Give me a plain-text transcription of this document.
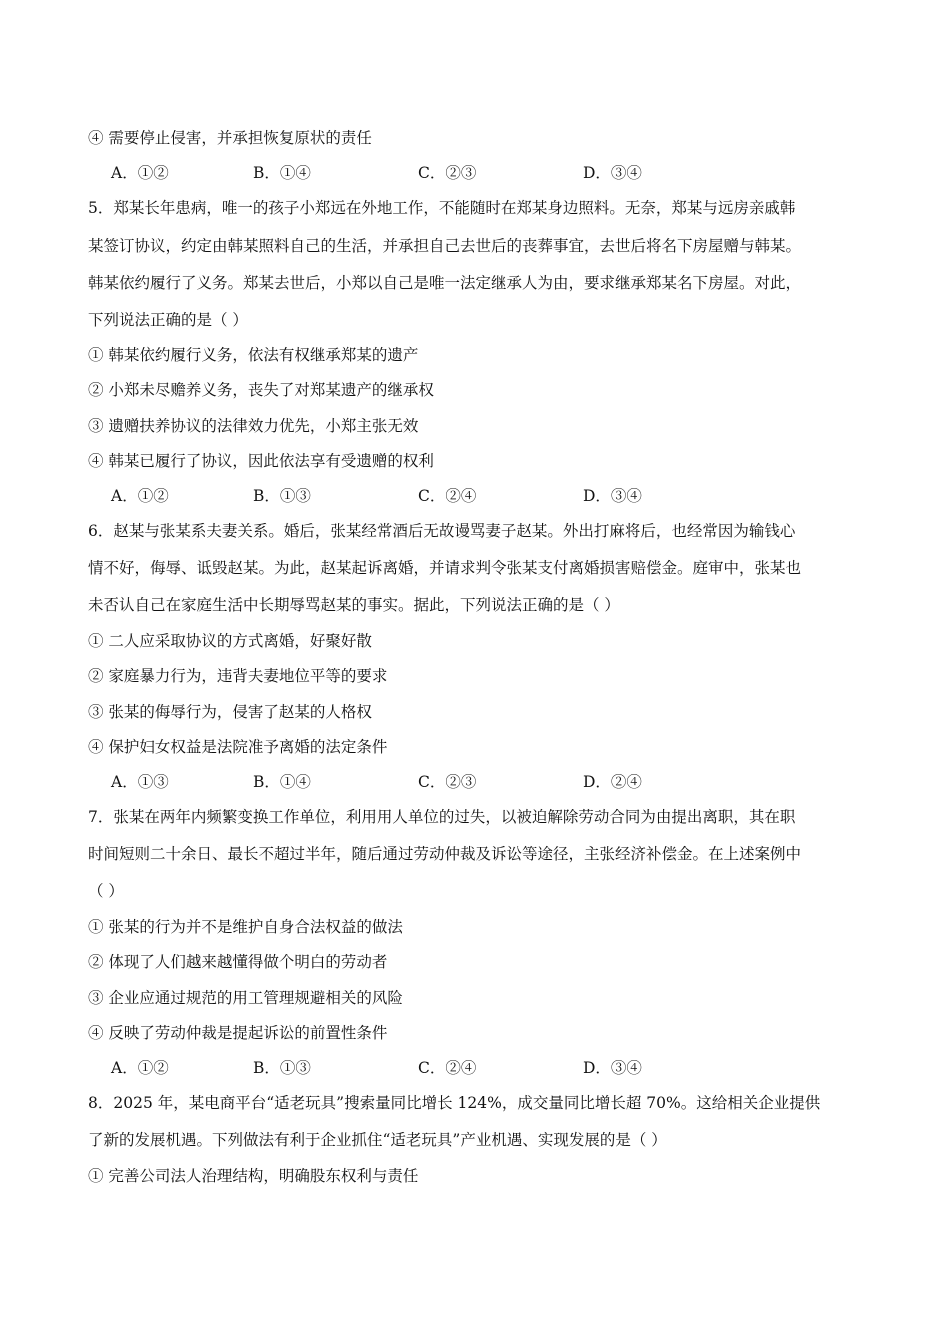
④ 需要停止侵害，并承担恢复原状的责任
A．①②	B．①④	C．②③	D．③④
5．郑某长年患病，唯一的孩子小郑远在外地工作，不能随时在郑某身边照料。无奈，郑某与远房亲戚韩
某签订协议，约定由韩某照料自己的生活，并承担自己去世后的丧葬事宜，去世后将名下房屋赠与韩某。
韩某依约履行了义务。郑某去世后，小郑以自己是唯一法定继承人为由，要求继承郑某名下房屋。对此，
下列说法正确的是（ ）
① 韩某依约履行义务，依法有权继承郑某的遗产
② 小郑未尽赡养义务，丧失了对郑某遗产的继承权
③ 遗赠扶养协议的法律效力优先，小郑主张无效
④ 韩某已履行了协议，因此依法享有受遗赠的权利
A．①②	B．①③	C．②④	D．③④
6．赵某与张某系夫妻关系。婚后，张某经常酒后无故谩骂妻子赵某。外出打麻将后，也经常因为输钱心
情不好，侮辱、诋毁赵某。为此，赵某起诉离婚，并请求判令张某支付离婚损害赔偿金。庭审中，张某也
未否认自己在家庭生活中长期辱骂赵某的事实。据此，下列说法正确的是（ ）
① 二人应采取协议的方式离婚，好聚好散
② 家庭暴力行为，违背夫妻地位平等的要求
③ 张某的侮辱行为，侵害了赵某的人格权
④ 保护妇女权益是法院准予离婚的法定条件
A．①③	B．①④	C．②③	D．②④
7．张某在两年内频繁变换工作单位，利用用人单位的过失，以被迫解除劳动合同为由提出离职，其在职
时间短则二十余日、最长不超过半年，随后通过劳动仲裁及诉讼等途径，主张经济补偿金。在上述案例中
（ ）
① 张某的行为并不是维护自身合法权益的做法
② 体现了人们越来越懂得做个明白的劳动者
③ 企业应通过规范的用工管理规避相关的风险
④ 反映了劳动仲裁是提起诉讼的前置性条件
A．①②	B．①③	C．②④	D．③④
8．2025 年，某电商平台“适老玩具”搜索量同比增长 124%，成交量同比增长超 70%。这给相关企业提供
了新的发展机遇。下列做法有利于企业抓住“适老玩具”产业机遇、实现发展的是（ ）
① 完善公司法人治理结构，明确股东权利与责任
